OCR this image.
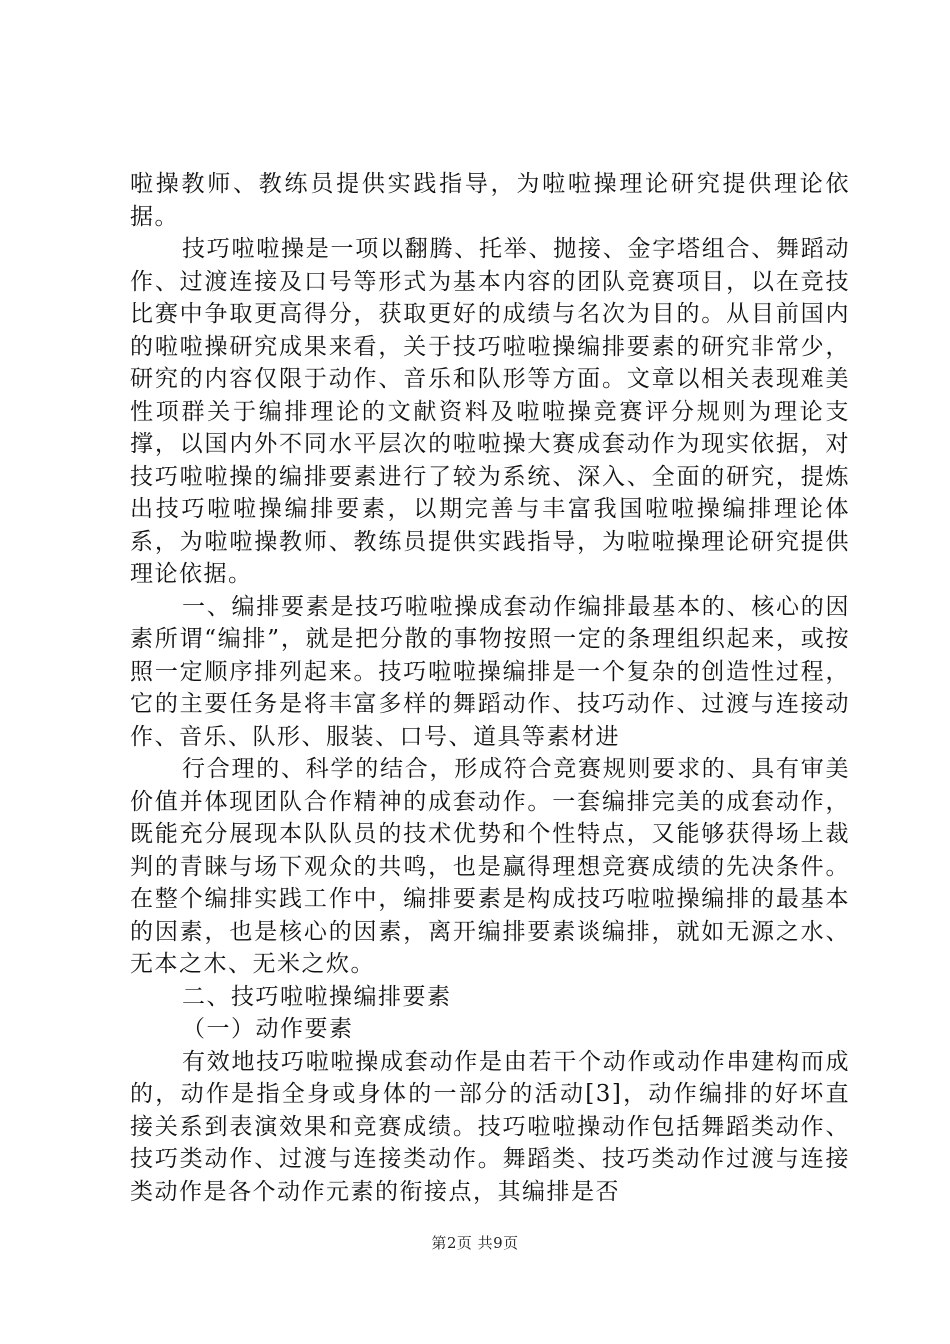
啦操教师、教练员提供实践指导，为啦啦操理论研究提供理论依据。

技巧啦啦操是一项以翻腾、托举、抛接、金字塔组合、舞蹈动作、过渡连接及口号等形式为基本内容的团队竞赛项目，以在竞技比赛中争取更高得分，获取更好的成绩与名次为目的。从目前国内的啦啦操研究成果来看，关于技巧啦啦操编排要素的研究非常少，研究的内容仅限于动作、音乐和队形等方面。文章以相关表现难美性项群关于编排理论的文献资料及啦啦操竞赛评分规则为理论支撑，以国内外不同水平层次的啦啦操大赛成套动作为现实依据，对技巧啦啦操的编排要素进行了较为系统、深入、全面的研究，提炼出技巧啦啦操编排要素，以期完善与丰富我国啦啦操编排理论体系，为啦啦操教师、教练员提供实践指导，为啦啦操理论研究提供理论依据。

一、编排要素是技巧啦啦操成套动作编排最基本的、核心的因素所谓“编排”，就是把分散的事物按照一定的条理组织起来，或按照一定顺序排列起来。技巧啦啦操编排是一个复杂的创造性过程，它的主要任务是将丰富多样的舞蹈动作、技巧动作、过渡与连接动作、音乐、队形、服装、口号、道具等素材进

行合理的、科学的结合，形成符合竞赛规则要求的、具有审美价值并体现团队合作精神的成套动作。一套编排完美的成套动作，既能充分展现本队队员的技术优势和个性特点，又能够获得场上裁判的青睐与场下观众的共鸣，也是赢得理想竞赛成绩的先决条件。在整个编排实践工作中，编排要素是构成技巧啦啦操编排的最基本的因素，也是核心的因素，离开编排要素谈编排，就如无源之水、无本之木、无米之炊。

二、技巧啦啦操编排要素

（一）动作要素

有效地技巧啦啦操成套动作是由若干个动作或动作串建构而成的，动作是指全身或身体的一部分的活动[3]，动作编排的好坏直接关系到表演效果和竞赛成绩。技巧啦啦操动作包括舞蹈类动作、技巧类动作、过渡与连接类动作。舞蹈类、技巧类动作过渡与连接类动作是各个动作元素的衔接点，其编排是否

第2页 共9页
